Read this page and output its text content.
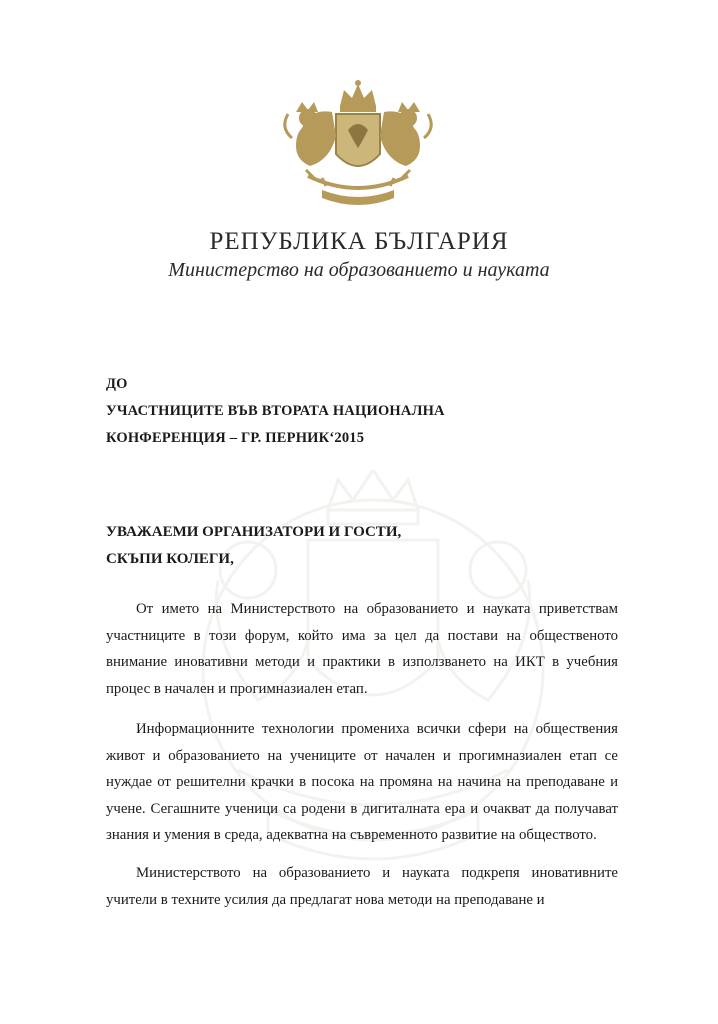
РЕПУБЛИКА БЪЛГАРИЯ
Министерство на образованието и науката
ДО
УЧАСТНИЦИТЕ ВЪВ ВТОРАТА НАЦИОНАЛНА
КОНФЕРЕНЦИЯ – ГР. ПЕРНИК‘2015
УВАЖАЕМИ ОРГАНИЗАТОРИ И ГОСТИ,
СКЪПИ КОЛЕГИ,

От името на Министерството на образованието и науката приветствам участниците в този форум, който има за цел да постави на общественото внимание иновативни методи и практики в използването на ИКТ в учебния процес в начален и прогимназиален етап.

Информационните технологии промениха всички сфери на обществения живот и образованието на учениците от начален и прогимназиален етап се нуждае от решителни крачки в посока на промяна на начина на преподаване и учене. Сегашните ученици са родени в дигиталната ера и очакват да получават знания и умения в среда, адекватна на съвременното развитие на обществото.

Министерството на образованието и науката подкрепя иновативните учители в техните усилия да предлагат нова методи на преподаване и
